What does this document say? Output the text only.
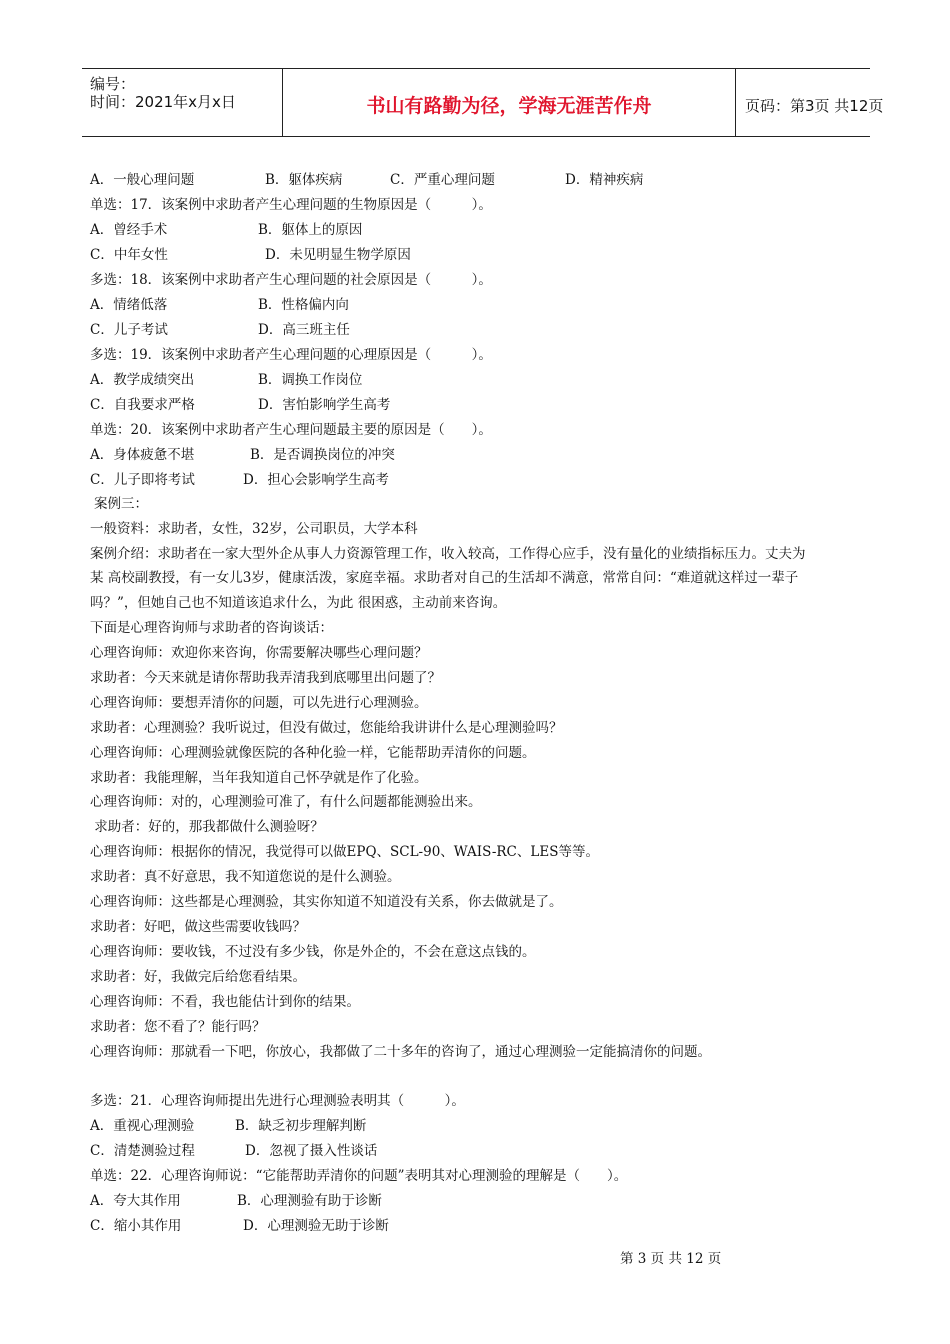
编号：
时间：2021年x月x日	书山有路勤为径，学海无涯苦作舟	页码：第3页 共12页
A．一般心理问题	B．躯体疾病	C．严重心理问题	D．精神疾病
单选：17．该案例中求助者产生心理问题的生物原因是（　　　）。
A．曾经手术	B．躯体上的原因
C．中年女性	D．未见明显生物学原因
多选：18．该案例中求助者产生心理问题的社会原因是（　　　）。
A．情绪低落	B．性格偏内向
C．儿子考试	D．高三班主任
多选：19．该案例中求助者产生心理问题的心理原因是（　　　）。
A．教学成绩突出	B．调换工作岗位
C．自我要求严格	D．害怕影响学生高考
单选：20．该案例中求助者产生心理问题最主要的原因是（　　）。
A．身体疲惫不堪	B．是否调换岗位的冲突
C．儿子即将考试	D．担心会影响学生高考
案例三：
一般资料：求助者，女性，32岁，公司职员，大学本科
案例介绍：求助者在一家大型外企从事人力资源管理工作，收入较高，工作得心应手，没有量化的业绩指标压力。丈夫为
某 高校副教授，有一女儿3岁，健康活泼，家庭幸福。求助者对自己的生活却不满意，常常自问：“难道就这样过一辈子
吗？”，但她自己也不知道该追求什么，为此 很困惑，主动前来咨询。
下面是心理咨询师与求助者的咨询谈话：
心理咨询师：欢迎你来咨询，你需要解决哪些心理问题？
求助者：今天来就是请你帮助我弄清我到底哪里出问题了？
心理咨询师：要想弄清你的问题，可以先进行心理测验。
求助者：心理测验？我听说过，但没有做过，您能给我讲讲什么是心理测验吗？
心理咨询师：心理测验就像医院的各种化验一样，它能帮助弄清你的问题。
求助者：我能理解，当年我知道自己怀孕就是作了化验。
心理咨询师：对的，心理测验可准了，有什么问题都能测验出来。
求助者：好的，那我都做什么测验呀？
心理咨询师：根据你的情况，我觉得可以做EPQ、SCL-90、WAIS-RC、LES等等。
求助者：真不好意思，我不知道您说的是什么测验。
心理咨询师：这些都是心理测验，其实你知道不知道没有关系，你去做就是了。
求助者：好吧，做这些需要收钱吗？
心理咨询师：要收钱，不过没有多少钱，你是外企的，不会在意这点钱的。
求助者：好，我做完后给您看结果。
心理咨询师：不看，我也能估计到你的结果。
求助者：您不看了？能行吗？
心理咨询师：那就看一下吧，你放心，我都做了二十多年的咨询了，通过心理测验一定能搞清你的问题。
多选：21．心理咨询师提出先进行心理测验表明其（　　　）。
A．重视心理测验	B．缺乏初步理解判断
C．清楚测验过程	D．忽视了摄入性谈话
单选：22．心理咨询师说：“它能帮助弄清你的问题”表明其对心理测验的理解是（　　）。
A．夸大其作用	B．心理测验有助于诊断
C．缩小其作用	D．心理测验无助于诊断
第 3 页 共 12 页
